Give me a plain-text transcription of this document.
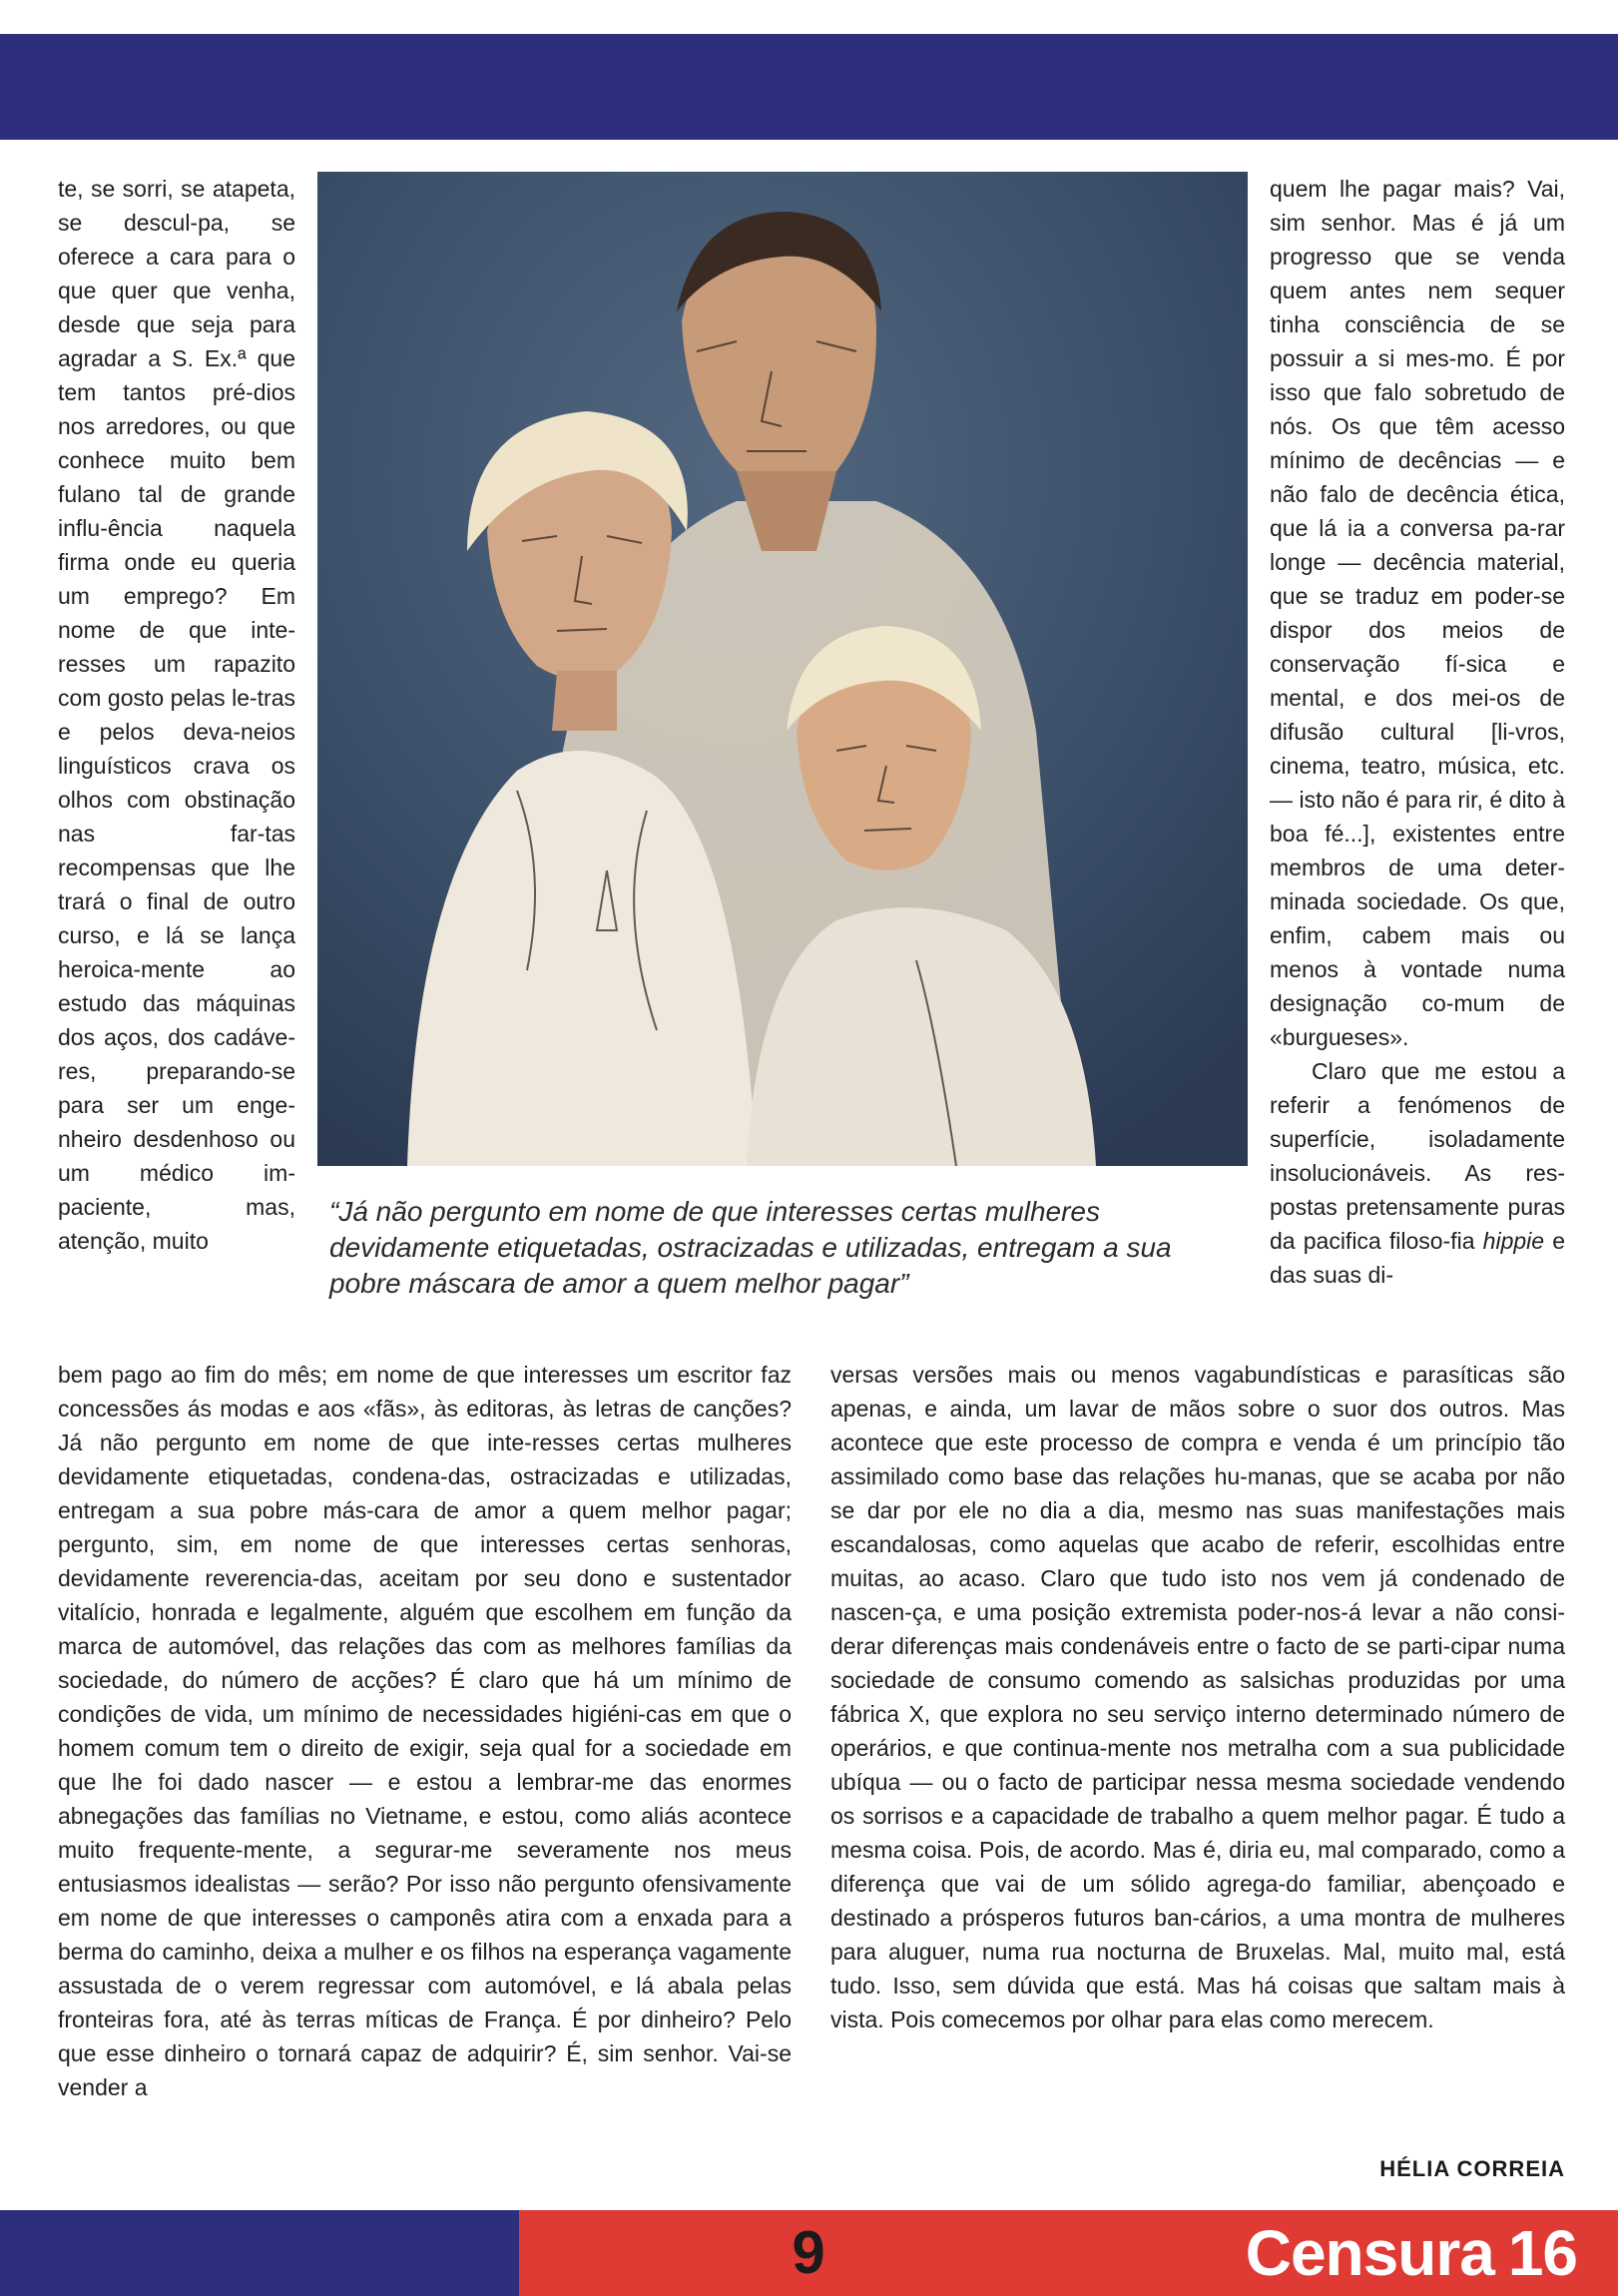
te, se sorri, se atapeta, se descul-pa, se oferece a cara para o que quer que venha, desde que seja para agradar a S. Ex.ª que tem tantos pré-dios nos arredores, ou que conhece muito bem fulano tal de grande influ-ência naquela firma onde eu queria um emprego? Em nome de que inte-resses um rapazito com gosto pelas le-tras e pelos deva-neios linguísticos crava os olhos com obstinação nas far-tas recompensas que lhe trará o final de outro curso, e lá se lança heroica-mente ao estudo das máquinas dos aços, dos cadáve-res, preparando-se para ser um enge-nheiro desdenhoso ou um médico im-paciente, mas, atenção, muito

“Já não pergunto em nome de que interesses certas mulheres devidamente etiquetadas, ostracizadas e utilizadas, entregam a sua pobre máscara de amor a quem melhor pagar”

quem lhe pagar mais? Vai, sim senhor. Mas é já um progresso que se venda quem antes nem sequer tinha consciência de se possuir a si mes-mo. É por isso que falo sobretudo de nós. Os que têm acesso mínimo de decências — e não falo de decência ética, que lá ia a conversa pa-rar longe — decência material, que se traduz em poder-se dispor dos meios de conservação fí-sica e mental, e dos mei-os de difusão cultural [li-vros, cinema, teatro, música, etc. — isto não é para rir, é dito à boa fé...], existentes entre membros de uma deter-minada sociedade. Os que, enfim, cabem mais ou menos à vontade numa designação co-mum de «burgueses».

Claro que me estou a referir a fenómenos de superfície, isoladamente insolucionáveis. As res-postas pretensamente puras da pacifica filoso-fia hippie e das suas di-

bem pago ao fim do mês; em nome de que interesses um escritor faz concessões ás modas e aos «fãs», às editoras, às letras de canções? Já não pergunto em nome de que inte-resses certas mulheres devidamente etiquetadas, condena-das, ostracizadas e utilizadas, entregam a sua pobre más-cara de amor a quem melhor pagar; pergunto, sim, em nome de que interesses certas senhoras, devidamente reverencia-das, aceitam por seu dono e sustentador vitalício, honrada e legalmente, alguém que escolhem em função da marca de automóvel, das relações das com as melhores famílias da sociedade, do número de acções? É claro que há um mínimo de condições de vida, um mínimo de necessidades higiéni-cas em que o homem comum tem o direito de exigir, seja qual for a sociedade em que lhe foi dado nascer — e estou a lembrar-me das enormes abnegações das famílias no Vietname, e estou, como aliás acontece muito frequente-mente, a segurar-me severamente nos meus entusiasmos idealistas — serão? Por isso não pergunto ofensivamente em nome de que interesses o camponês atira com a enxada para a berma do caminho, deixa a mulher e os filhos na esperança vagamente assustada de o verem regressar com automóvel, e lá abala pelas fronteiras fora, até às terras míticas de França. É por dinheiro? Pelo que esse dinheiro o tornará capaz de adquirir? É, sim senhor. Vai-se vender a

versas versões mais ou menos vagabundísticas e parasíticas são apenas, e ainda, um lavar de mãos sobre o suor dos outros. Mas acontece que este processo de compra e venda é um princípio tão assimilado como base das relações hu-manas, que se acaba por não se dar por ele no dia a dia, mesmo nas suas manifestações mais escandalosas, como aquelas que acabo de referir, escolhidas entre muitas, ao acaso. Claro que tudo isto nos vem já condenado de nascen-ça, e uma posição extremista poder-nos-á levar a não consi-derar diferenças mais condenáveis entre o facto de se parti-cipar numa sociedade de consumo comendo as salsichas produzidas por uma fábrica X, que explora no seu serviço interno determinado número de operários, e que continua-mente nos metralha com a sua publicidade ubíqua — ou o facto de participar nessa mesma sociedade vendendo os sorrisos e a capacidade de trabalho a quem melhor pagar. É tudo a mesma coisa. Pois, de acordo. Mas é, diria eu, mal comparado, como a diferença que vai de um sólido agrega-do familiar, abençoado e destinado a prósperos futuros ban-cários, a uma montra de mulheres para aluguer, numa rua nocturna de Bruxelas. Mal, muito mal, está tudo. Isso, sem dúvida que está. Mas há coisas que saltam mais à vista. Pois comecemos por olhar para elas como merecem.

HÉLIA CORREIA
9	Censura 16
